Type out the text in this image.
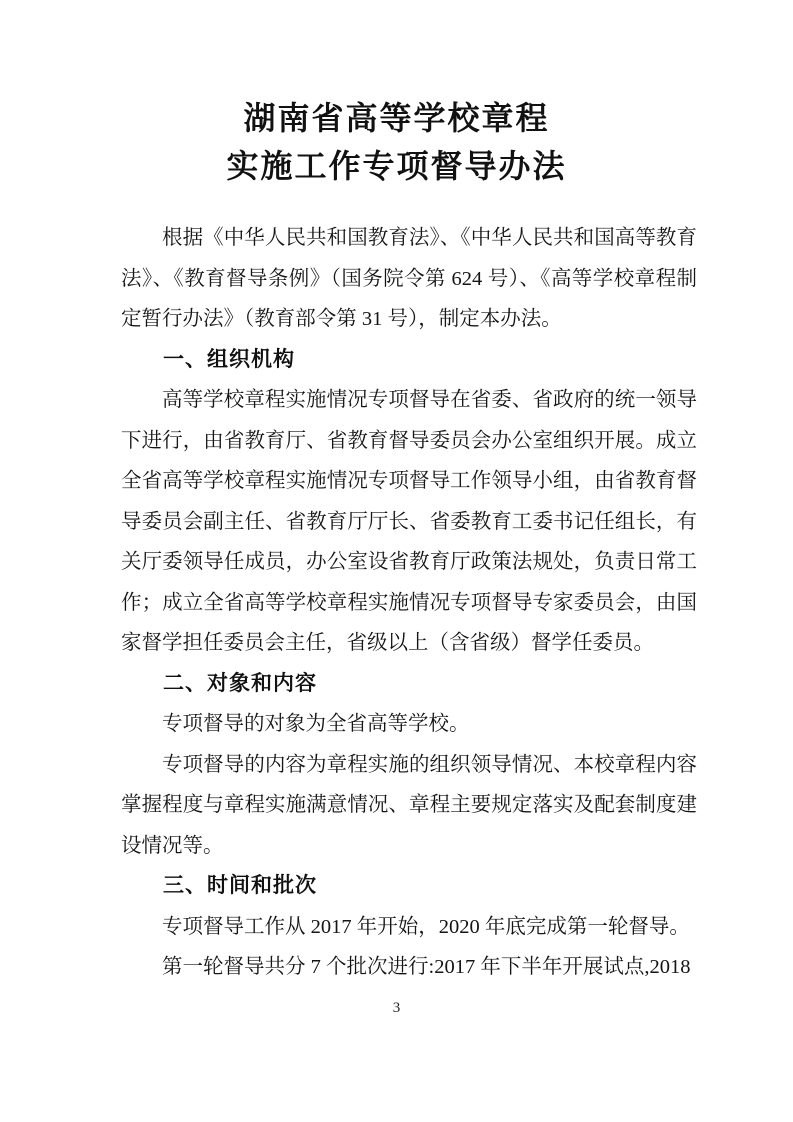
湖南省高等学校章程
实施工作专项督导办法

根据《中华人民共和国教育法》、《中华人民共和国高等教育法》、《教育督导条例》（国务院令第 624 号）、《高等学校章程制定暂行办法》（教育部令第 31 号），制定本办法。

一、组织机构

高等学校章程实施情况专项督导在省委、省政府的统一领导下进行，由省教育厅、省教育督导委员会办公室组织开展。成立全省高等学校章程实施情况专项督导工作领导小组，由省教育督导委员会副主任、省教育厅厅长、省委教育工委书记任组长，有关厅委领导任成员，办公室设省教育厅政策法规处，负责日常工作；成立全省高等学校章程实施情况专项督导专家委员会，由国家督学担任委员会主任，省级以上（含省级）督学任委员。

二、对象和内容

专项督导的对象为全省高等学校。

专项督导的内容为章程实施的组织领导情况、本校章程内容掌握程度与章程实施满意情况、章程主要规定落实及配套制度建设情况等。

三、时间和批次

专项督导工作从 2017 年开始，2020 年底完成第一轮督导。

第一轮督导共分 7 个批次进行:2017 年下半年开展试点,2018

3
